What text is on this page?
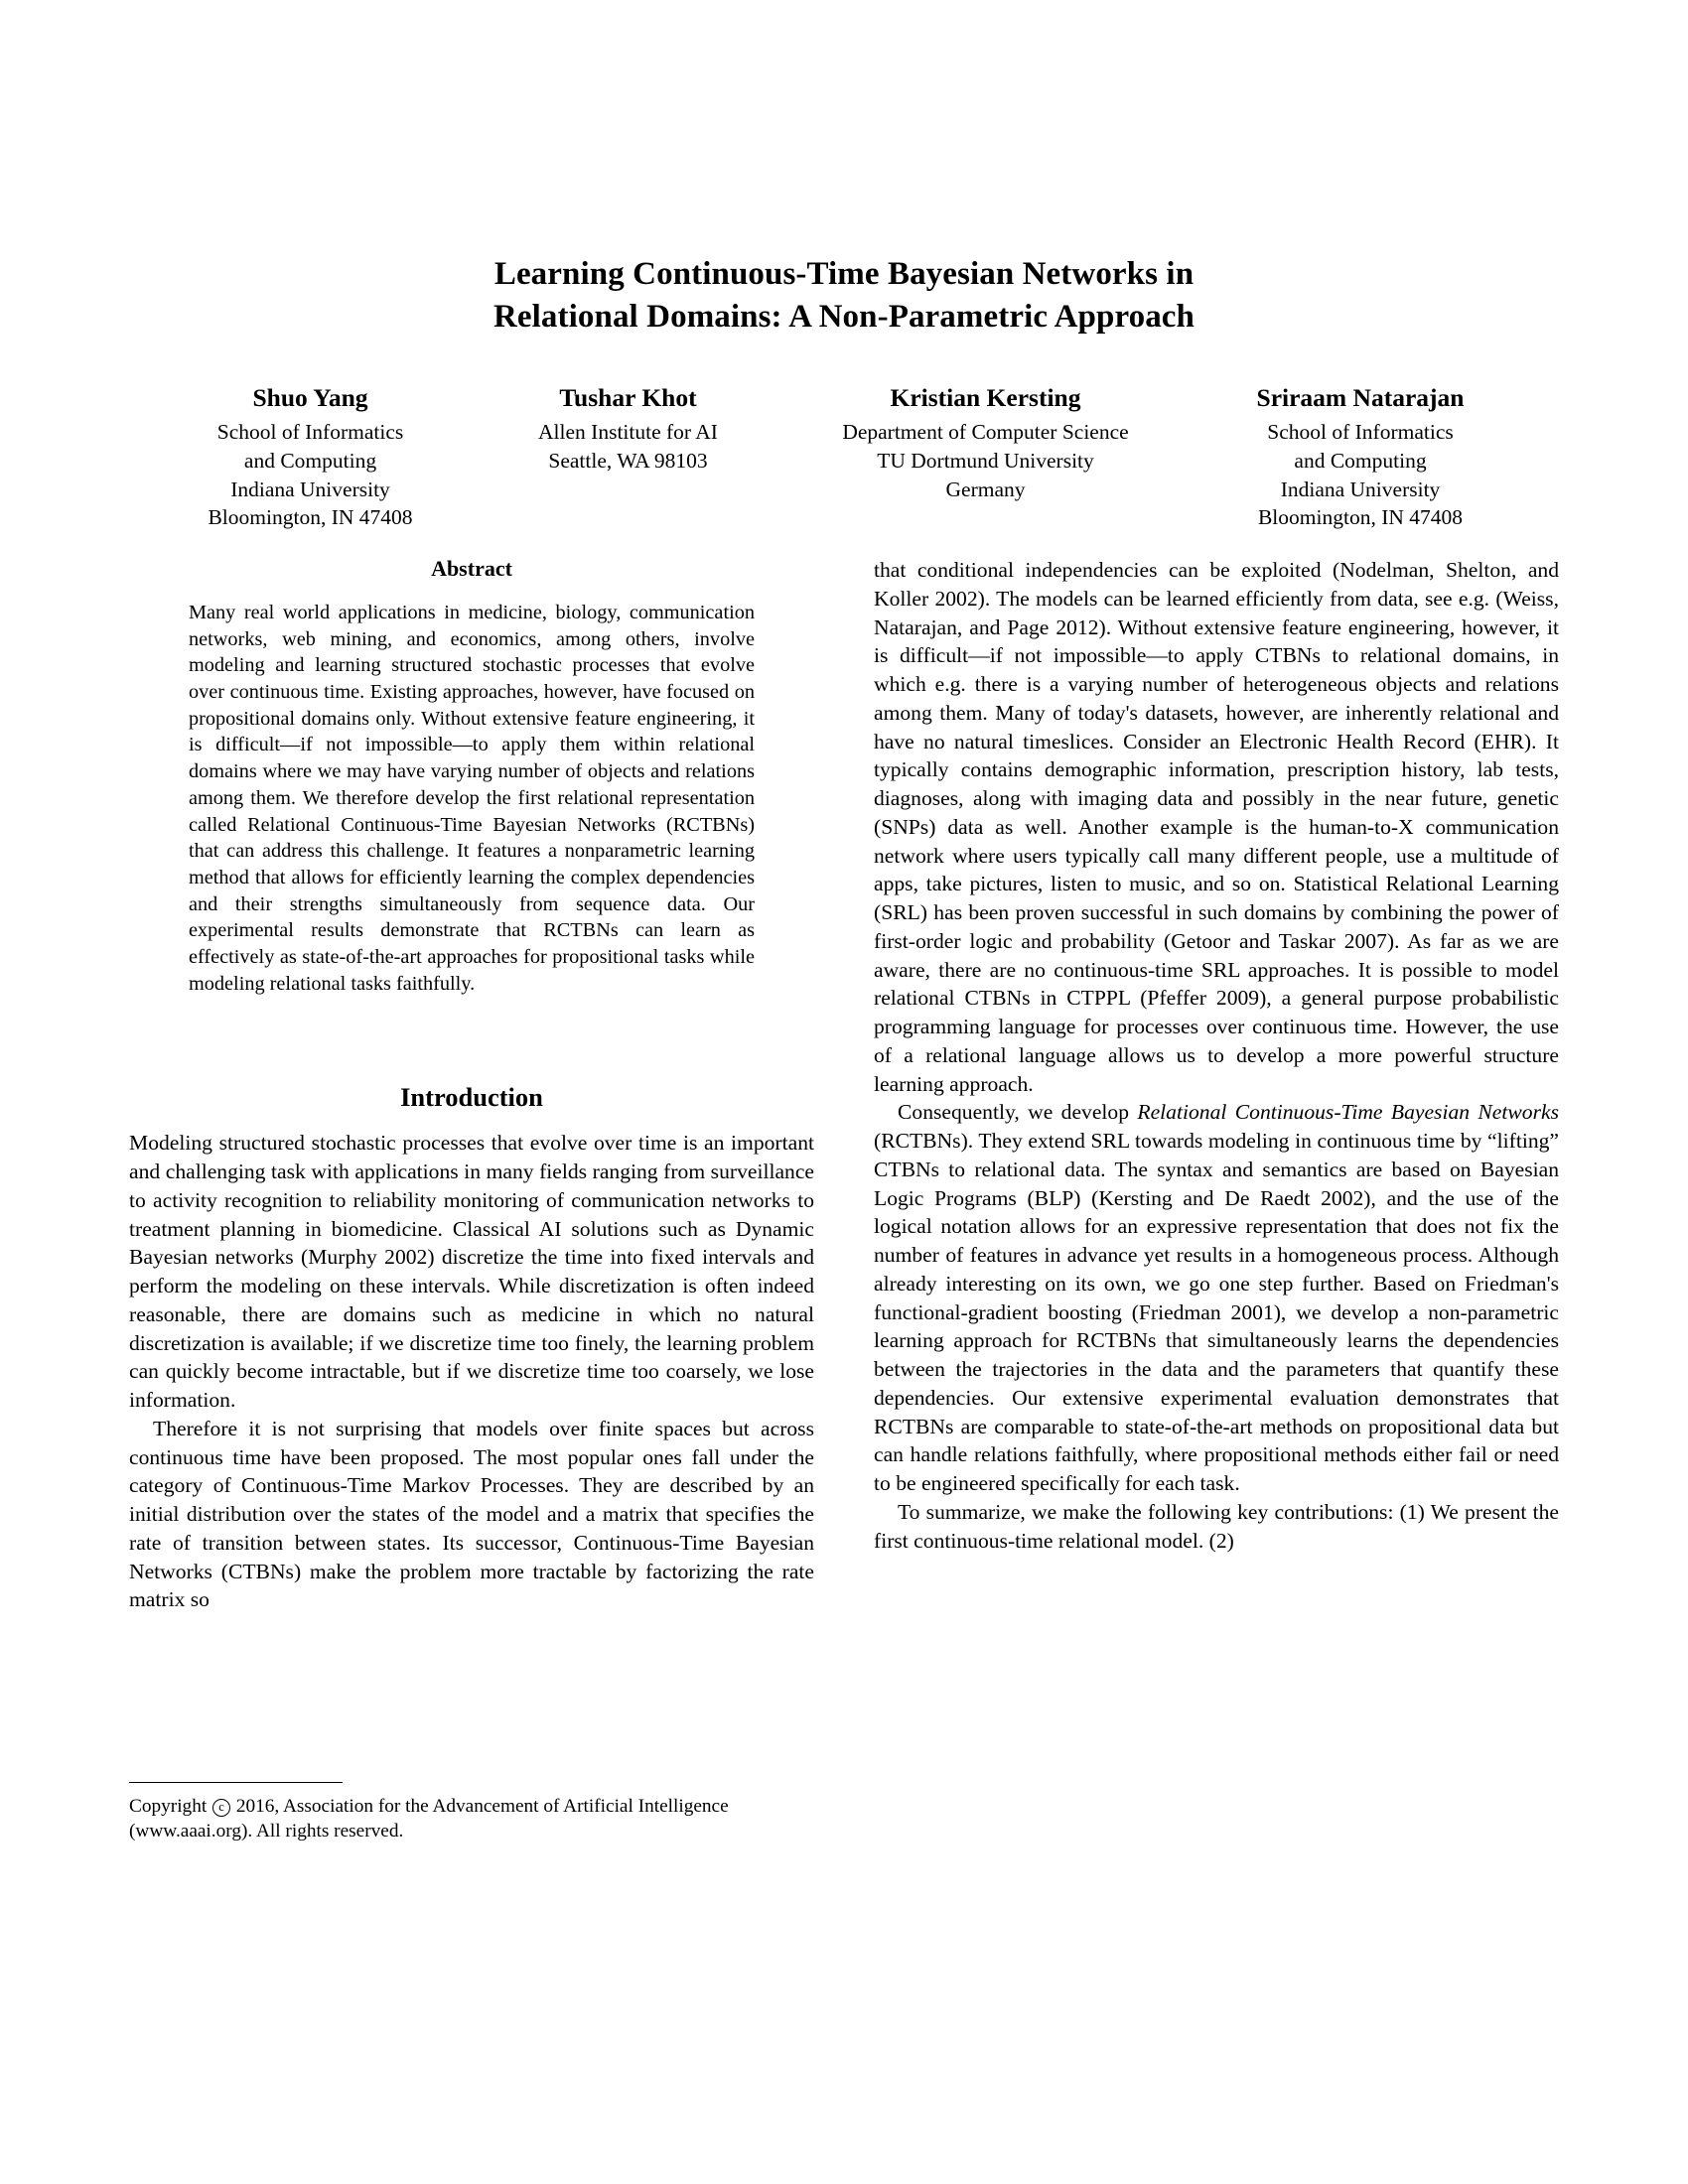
Learning Continuous-Time Bayesian Networks in
Relational Domains: A Non-Parametric Approach
Shuo Yang
School of Informatics
and Computing
Indiana University
Bloomington, IN 47408
Tushar Khot
Allen Institute for AI
Seattle, WA 98103
Kristian Kersting
Department of Computer Science
TU Dortmund University
Germany
Sriraam Natarajan
School of Informatics
and Computing
Indiana University
Bloomington, IN 47408
Abstract
Many real world applications in medicine, biology, communication networks, web mining, and economics, among others, involve modeling and learning structured stochastic processes that evolve over continuous time. Existing approaches, however, have focused on propositional domains only. Without extensive feature engineering, it is difficult—if not impossible—to apply them within relational domains where we may have varying number of objects and relations among them. We therefore develop the first relational representation called Relational Continuous-Time Bayesian Networks (RCTBNs) that can address this challenge. It features a nonparametric learning method that allows for efficiently learning the complex dependencies and their strengths simultaneously from sequence data. Our experimental results demonstrate that RCTBNs can learn as effectively as state-of-the-art approaches for propositional tasks while modeling relational tasks faithfully.
Introduction

Modeling structured stochastic processes that evolve over time is an important and challenging task with applications in many fields ranging from surveillance to activity recognition to reliability monitoring of communication networks to treatment planning in biomedicine. Classical AI solutions such as Dynamic Bayesian networks (Murphy 2002) discretize the time into fixed intervals and perform the modeling on these intervals. While discretization is often indeed reasonable, there are domains such as medicine in which no natural discretization is available; if we discretize time too finely, the learning problem can quickly become intractable, but if we discretize time too coarsely, we lose information.

Therefore it is not surprising that models over finite spaces but across continuous time have been proposed. The most popular ones fall under the category of Continuous-Time Markov Processes. They are described by an initial distribution over the states of the model and a matrix that specifies the rate of transition between states. Its successor, Continuous-Time Bayesian Networks (CTBNs) make the problem more tractable by factorizing the rate matrix so

that conditional independencies can be exploited (Nodelman, Shelton, and Koller 2002). The models can be learned efficiently from data, see e.g. (Weiss, Natarajan, and Page 2012). Without extensive feature engineering, however, it is difficult—if not impossible—to apply CTBNs to relational domains, in which e.g. there is a varying number of heterogeneous objects and relations among them. Many of today's datasets, however, are inherently relational and have no natural timeslices. Consider an Electronic Health Record (EHR). It typically contains demographic information, prescription history, lab tests, diagnoses, along with imaging data and possibly in the near future, genetic (SNPs) data as well. Another example is the human-to-X communication network where users typically call many different people, use a multitude of apps, take pictures, listen to music, and so on. Statistical Relational Learning (SRL) has been proven successful in such domains by combining the power of first-order logic and probability (Getoor and Taskar 2007). As far as we are aware, there are no continuous-time SRL approaches. It is possible to model relational CTBNs in CTPPL (Pfeffer 2009), a general purpose probabilistic programming language for processes over continuous time. However, the use of a relational language allows us to develop a more powerful structure learning approach.

Consequently, we develop Relational Continuous-Time Bayesian Networks (RCTBNs). They extend SRL towards modeling in continuous time by “lifting” CTBNs to relational data. The syntax and semantics are based on Bayesian Logic Programs (BLP) (Kersting and De Raedt 2002), and the use of the logical notation allows for an expressive representation that does not fix the number of features in advance yet results in a homogeneous process. Although already interesting on its own, we go one step further. Based on Friedman's functional-gradient boosting (Friedman 2001), we develop a non-parametric learning approach for RCTBNs that simultaneously learns the dependencies between the trajectories in the data and the parameters that quantify these dependencies. Our extensive experimental evaluation demonstrates that RCTBNs are comparable to state-of-the-art methods on propositional data but can handle relations faithfully, where propositional methods either fail or need to be engineered specifically for each task.

To summarize, we make the following key contributions: (1) We present the first continuous-time relational model. (2)

Copyright c 2016, Association for the Advancement of Artificial Intelligence (www.aaai.org). All rights reserved.
